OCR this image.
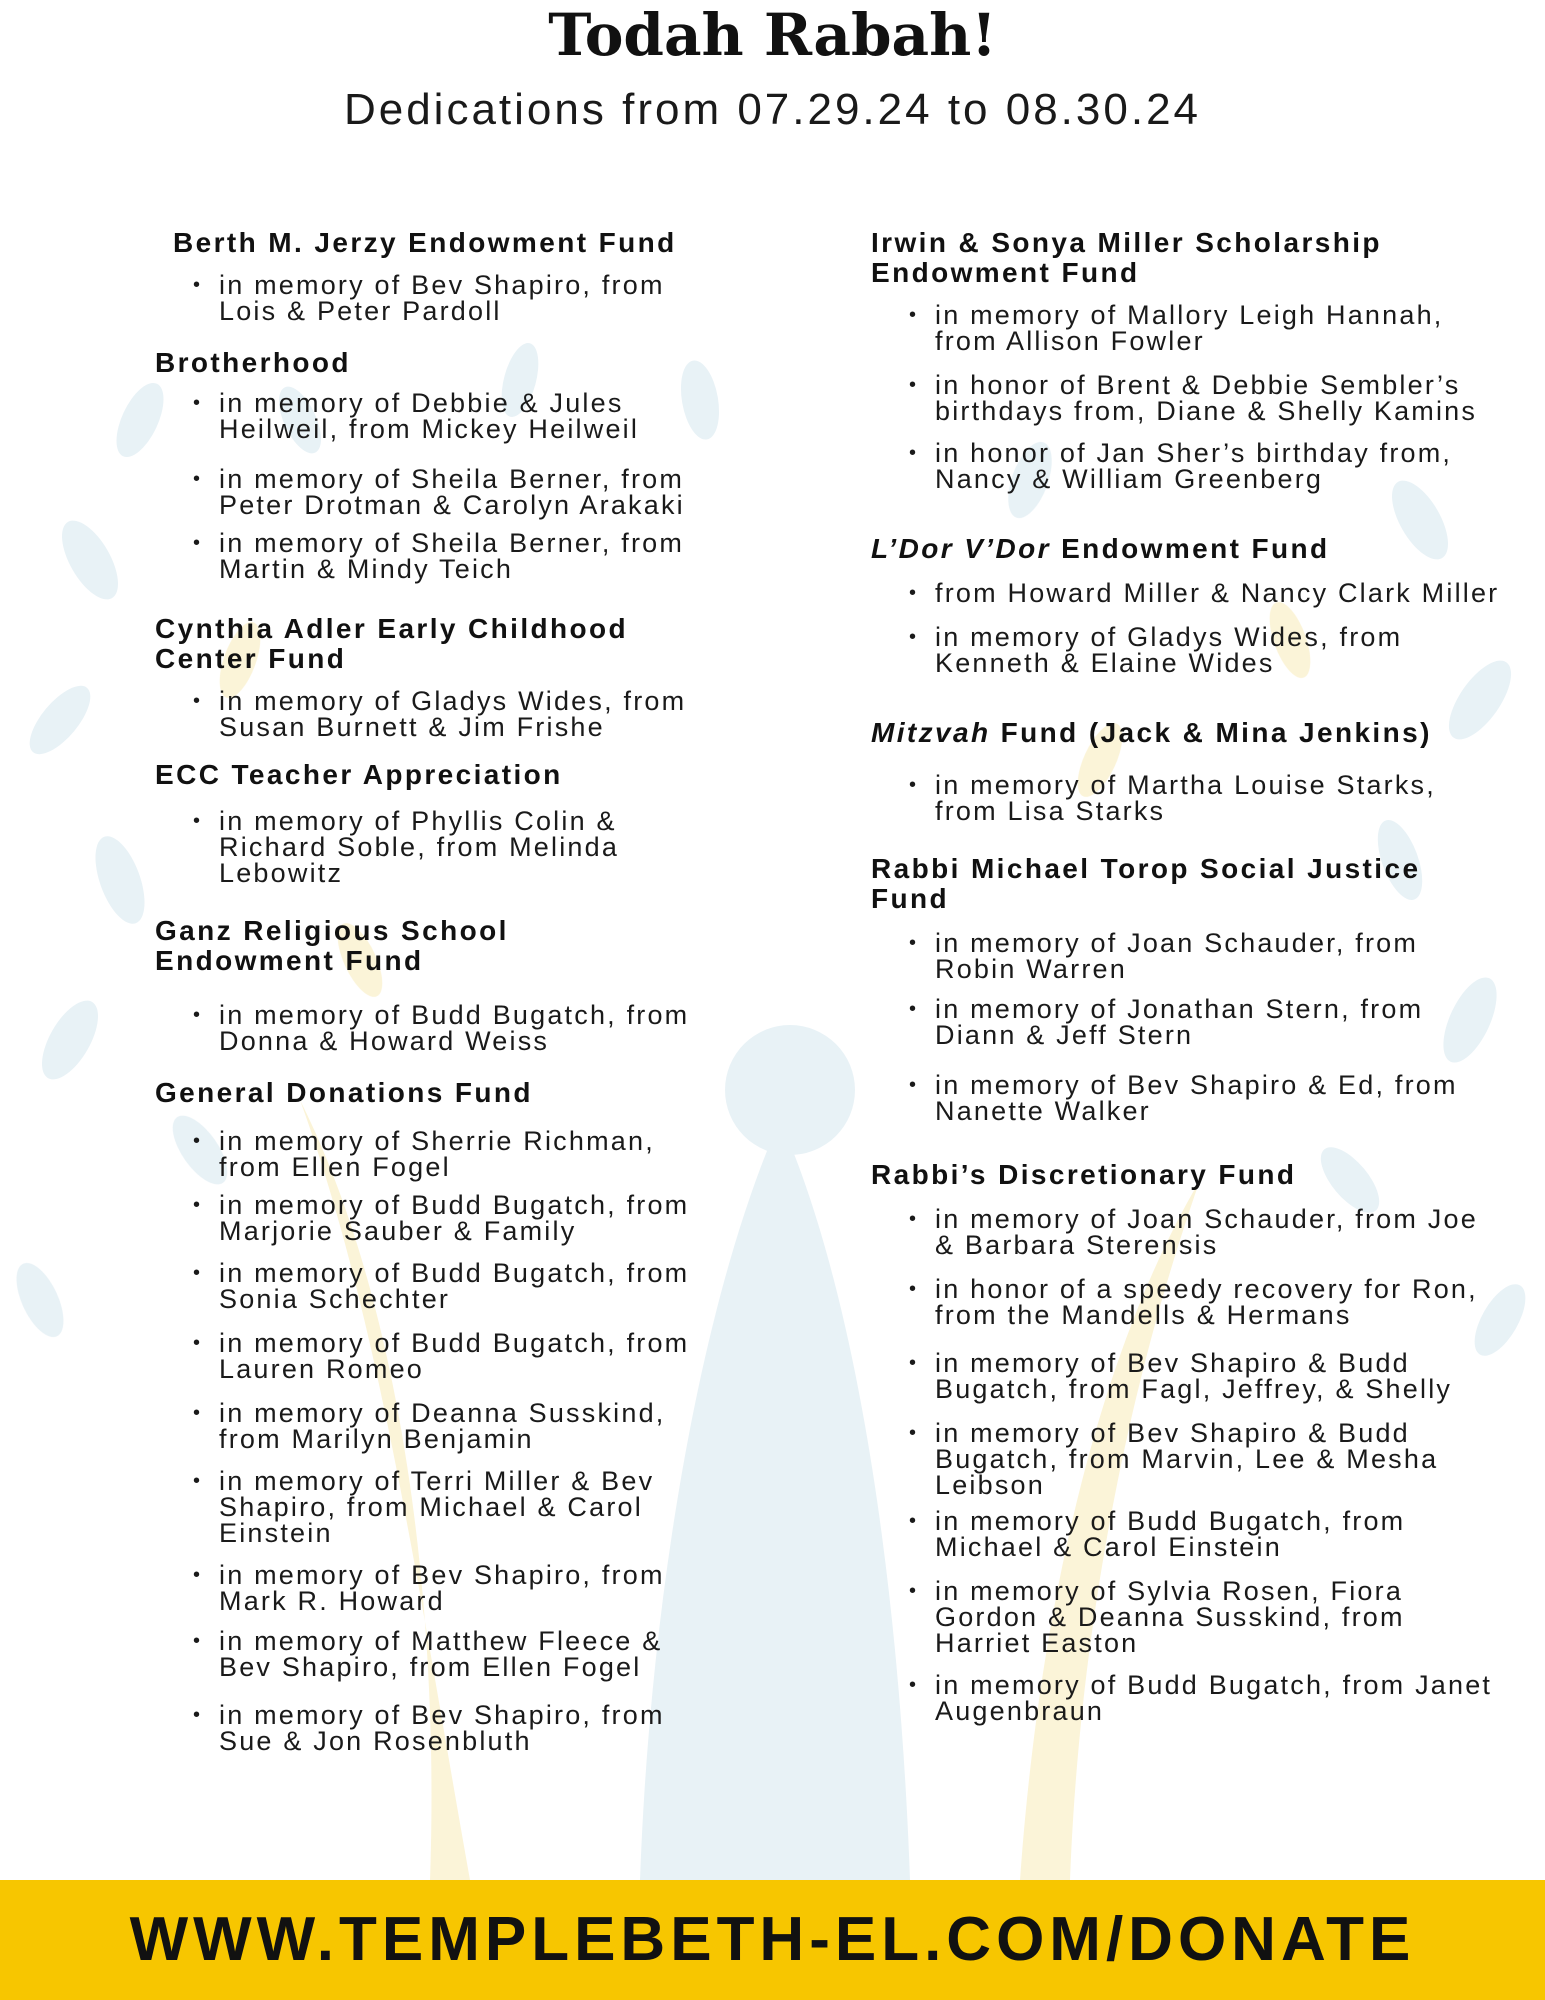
Todah Rabah!
Dedications from 07.29.24 to 08.30.24
Berth M. Jerzy Endowment Fund
• in memory of Bev Shapiro, from
Lois & Peter Pardoll
Brotherhood
• in memory of Debbie & Jules
Heilweil, from Mickey Heilweil
• in memory of Sheila Berner, from
Peter Drotman & Carolyn Arakaki
• in memory of Sheila Berner, from
Martin & Mindy Teich
Cynthia Adler Early Childhood
Center Fund
• in memory of Gladys Wides, from
Susan Burnett & Jim Frishe
ECC Teacher Appreciation
• in memory of Phyllis Colin &
Richard Soble, from Melinda
Lebowitz
Ganz Religious School
Endowment Fund
• in memory of Budd Bugatch, from
Donna & Howard Weiss
General Donations Fund
• in memory of Sherrie Richman,
from Ellen Fogel
• in memory of Budd Bugatch, from
Marjorie Sauber & Family
• in memory of Budd Bugatch, from
Sonia Schechter
• in memory of Budd Bugatch, from
Lauren Romeo
• in memory of Deanna Susskind,
from Marilyn Benjamin
• in memory of Terri Miller & Bev
Shapiro, from Michael & Carol
Einstein
• in memory of Bev Shapiro, from
Mark R. Howard
• in memory of Matthew Fleece &
Bev Shapiro, from Ellen Fogel
• in memory of Bev Shapiro, from
Sue & Jon Rosenbluth
Irwin & Sonya Miller Scholarship
Endowment Fund
• in memory of Mallory Leigh Hannah,
from Allison Fowler
• in honor of Brent & Debbie Sembler’s
birthdays from, Diane & Shelly Kamins
• in honor of Jan Sher’s birthday from,
Nancy & William Greenberg
L’Dor V’Dor Endowment Fund
• from Howard Miller & Nancy Clark Miller
• in memory of Gladys Wides, from
Kenneth & Elaine Wides
Mitzvah Fund (Jack & Mina Jenkins)
• in memory of Martha Louise Starks,
from Lisa Starks
Rabbi Michael Torop Social Justice
Fund
• in memory of Joan Schauder, from
Robin Warren
• in memory of Jonathan Stern, from
Diann & Jeff Stern
• in memory of Bev Shapiro & Ed, from
Nanette Walker
Rabbi’s Discretionary Fund
• in memory of Joan Schauder, from Joe
& Barbara Sterensis
• in honor of a speedy recovery for Ron,
from the Mandells & Hermans
• in memory of Bev Shapiro & Budd
Bugatch, from Fagl, Jeffrey, & Shelly
• in memory of Bev Shapiro & Budd
Bugatch, from Marvin, Lee & Mesha
Leibson
• in memory of Budd Bugatch, from
Michael & Carol Einstein
• in memory of Sylvia Rosen, Fiora
Gordon & Deanna Susskind, from
Harriet Easton
• in memory of Budd Bugatch, from Janet
Augenbraun
WWW.TEMPLEBETH-EL.COM/DONATE
